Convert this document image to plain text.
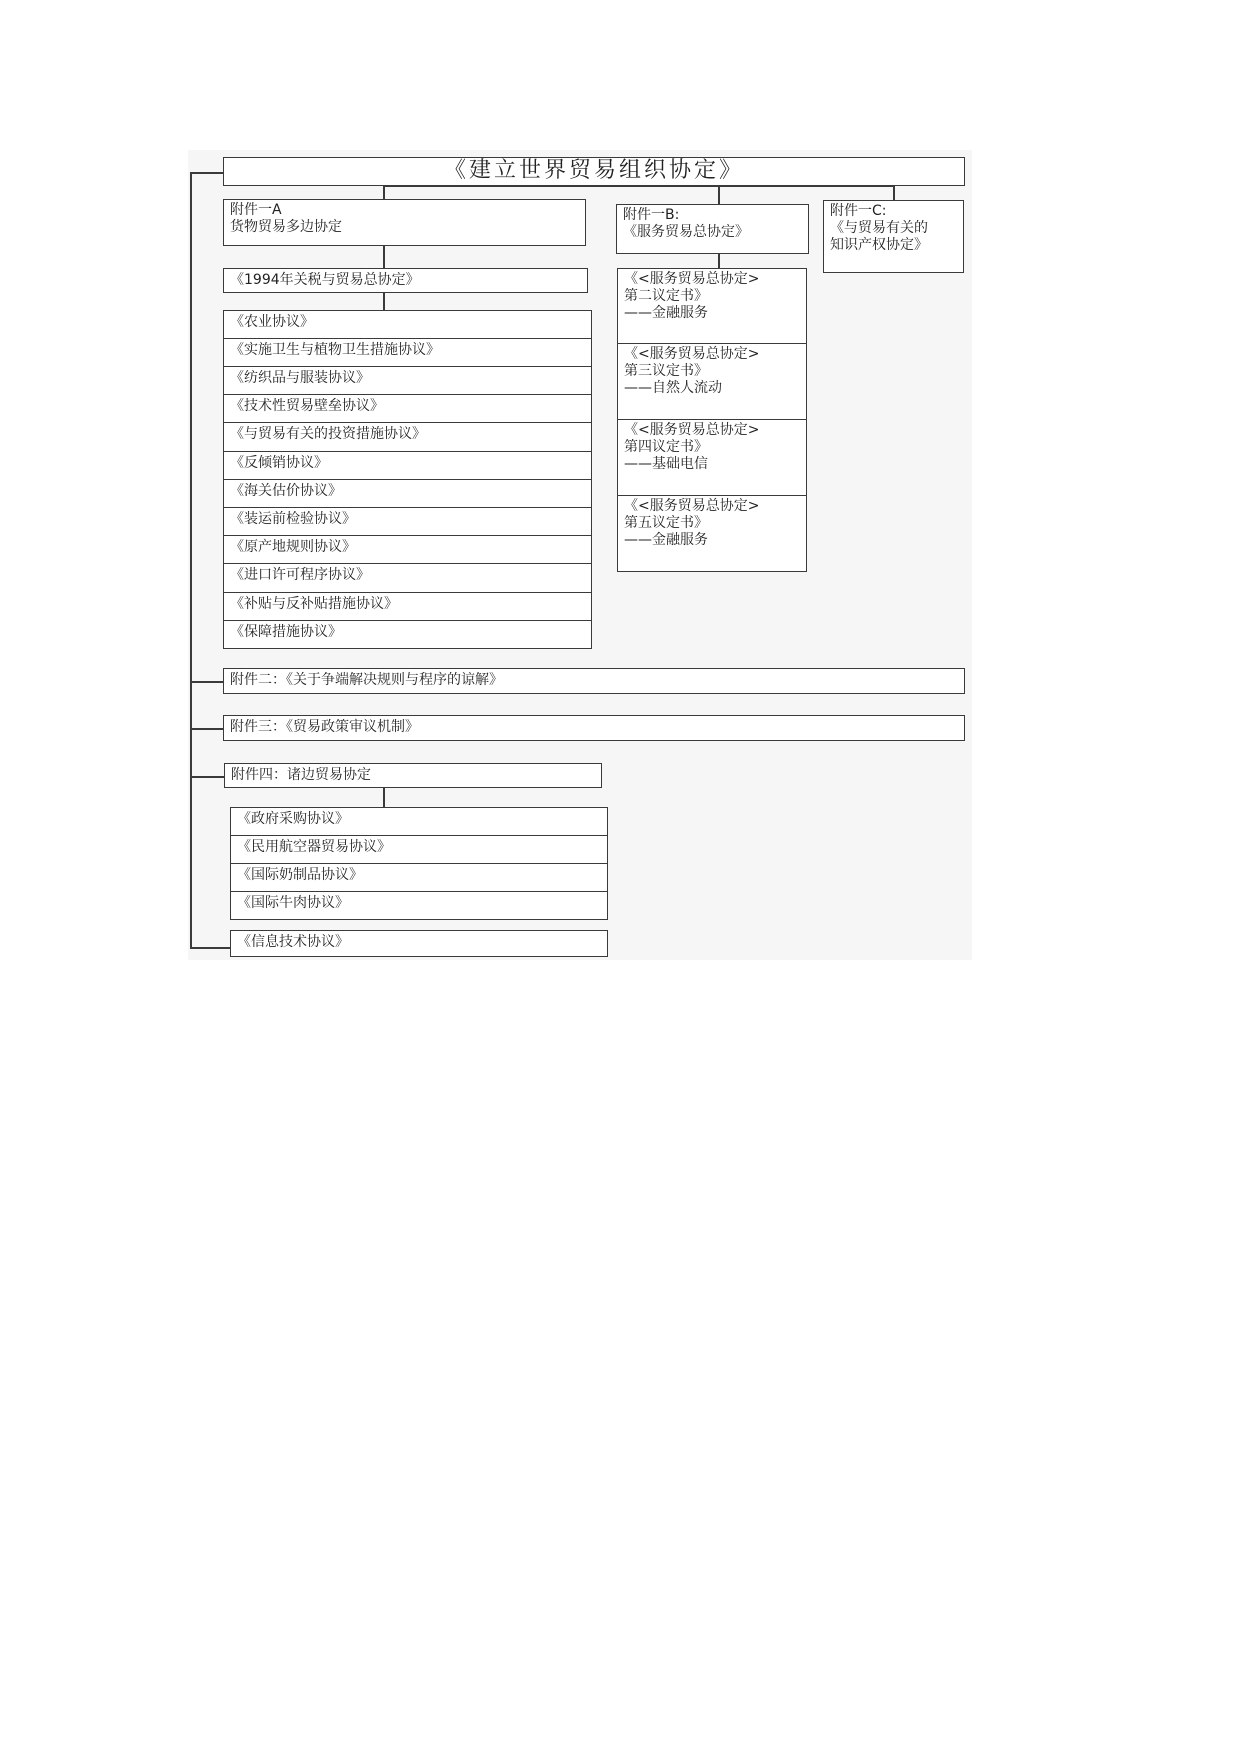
《建立世界贸易组织协定》
附件一A
货物贸易多边协定
《1994年关税与贸易总协定》
《农业协议》
《实施卫生与植物卫生措施协议》
《纺织品与服装协议》
《技术性贸易壁垒协议》
《与贸易有关的投资措施协议》
《反倾销协议》
《海关估价协议》
《装运前检验协议》
《原产地规则协议》
《进口许可程序协议》
《补贴与反补贴措施协议》
《保障措施协议》
附件一B:
《服务贸易总协定》
《<服务贸易总协定>
第二议定书》
——金融服务
《<服务贸易总协定>
第三议定书》
——自然人流动
《<服务贸易总协定>
第四议定书》
——基础电信
《<服务贸易总协定>
第五议定书》
——金融服务
附件一C:
《与贸易有关的
知识产权协定》
附件二：《关于争端解决规则与程序的谅解》
附件三：《贸易政策审议机制》
附件四：诸边贸易协定
《政府采购协议》
《民用航空器贸易协议》
《国际奶制品协议》
《国际牛肉协议》
《信息技术协议》
